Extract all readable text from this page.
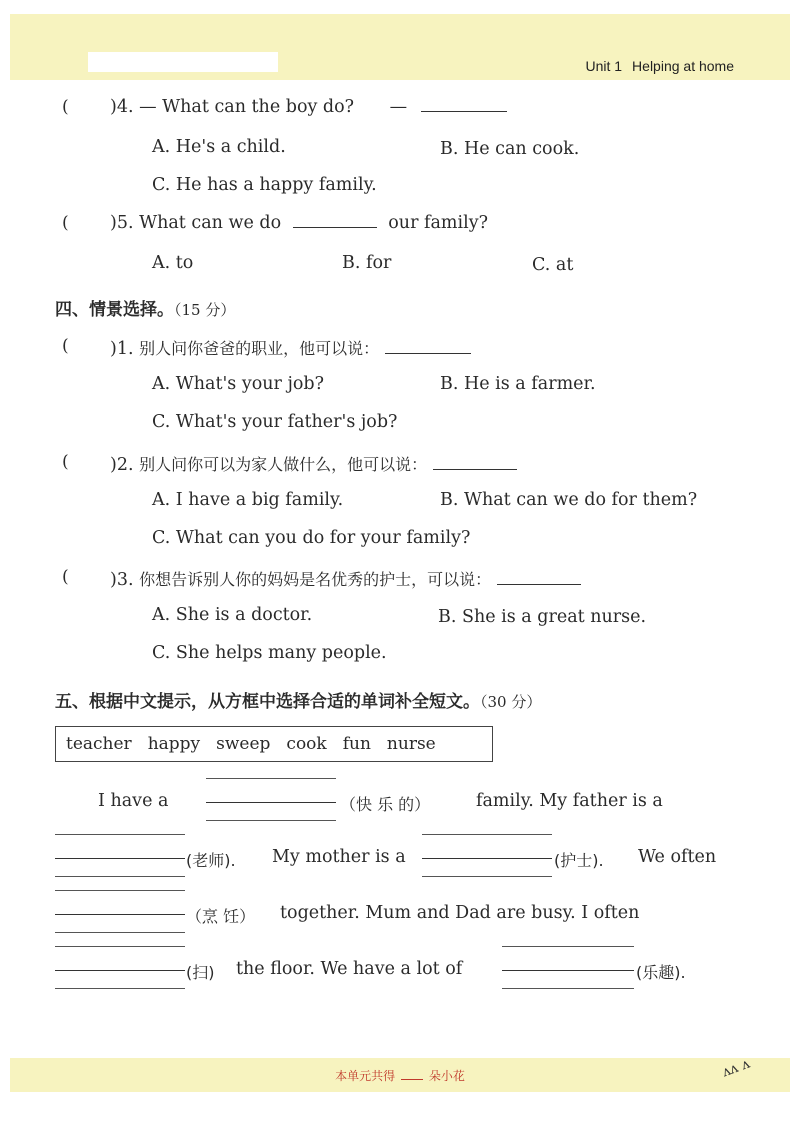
Unit 1 Helping at home
( )4. — What can the boy do? —
A. He's a child.	B. He can cook.
C. He has a happy family.
( )5. What can we do	our family?
A. to	B. for	C. at
四、情景选择。（15 分）
( )1. 别人问你爸爸的职业，他可以说：
A. What's your job?	B. He is a farmer.
C. What's your father's job?
( )2. 别人问你可以为家人做什么，他可以说：
A. I have a big family.	B. What can we do for them?
C. What can you do for your family?
( )3. 你想告诉别人你的妈妈是名优秀的护士，可以说：
A. She is a doctor.	B. She is a great nurse.
C. She helps many people.
五、根据中文提示，从方框中选择合适的单词补全短文。（30 分）
teacher happy sweep cook fun nurse
I have a	（快 乐 的）	family. My father is a
(老师). My mother is a	(护士). We often
（烹 饪） together. Mum and Dad are busy. I often
(扫) the floor. We have a lot of	(乐趣).
本单元共得	朵小花	ʌʌ ʌ
